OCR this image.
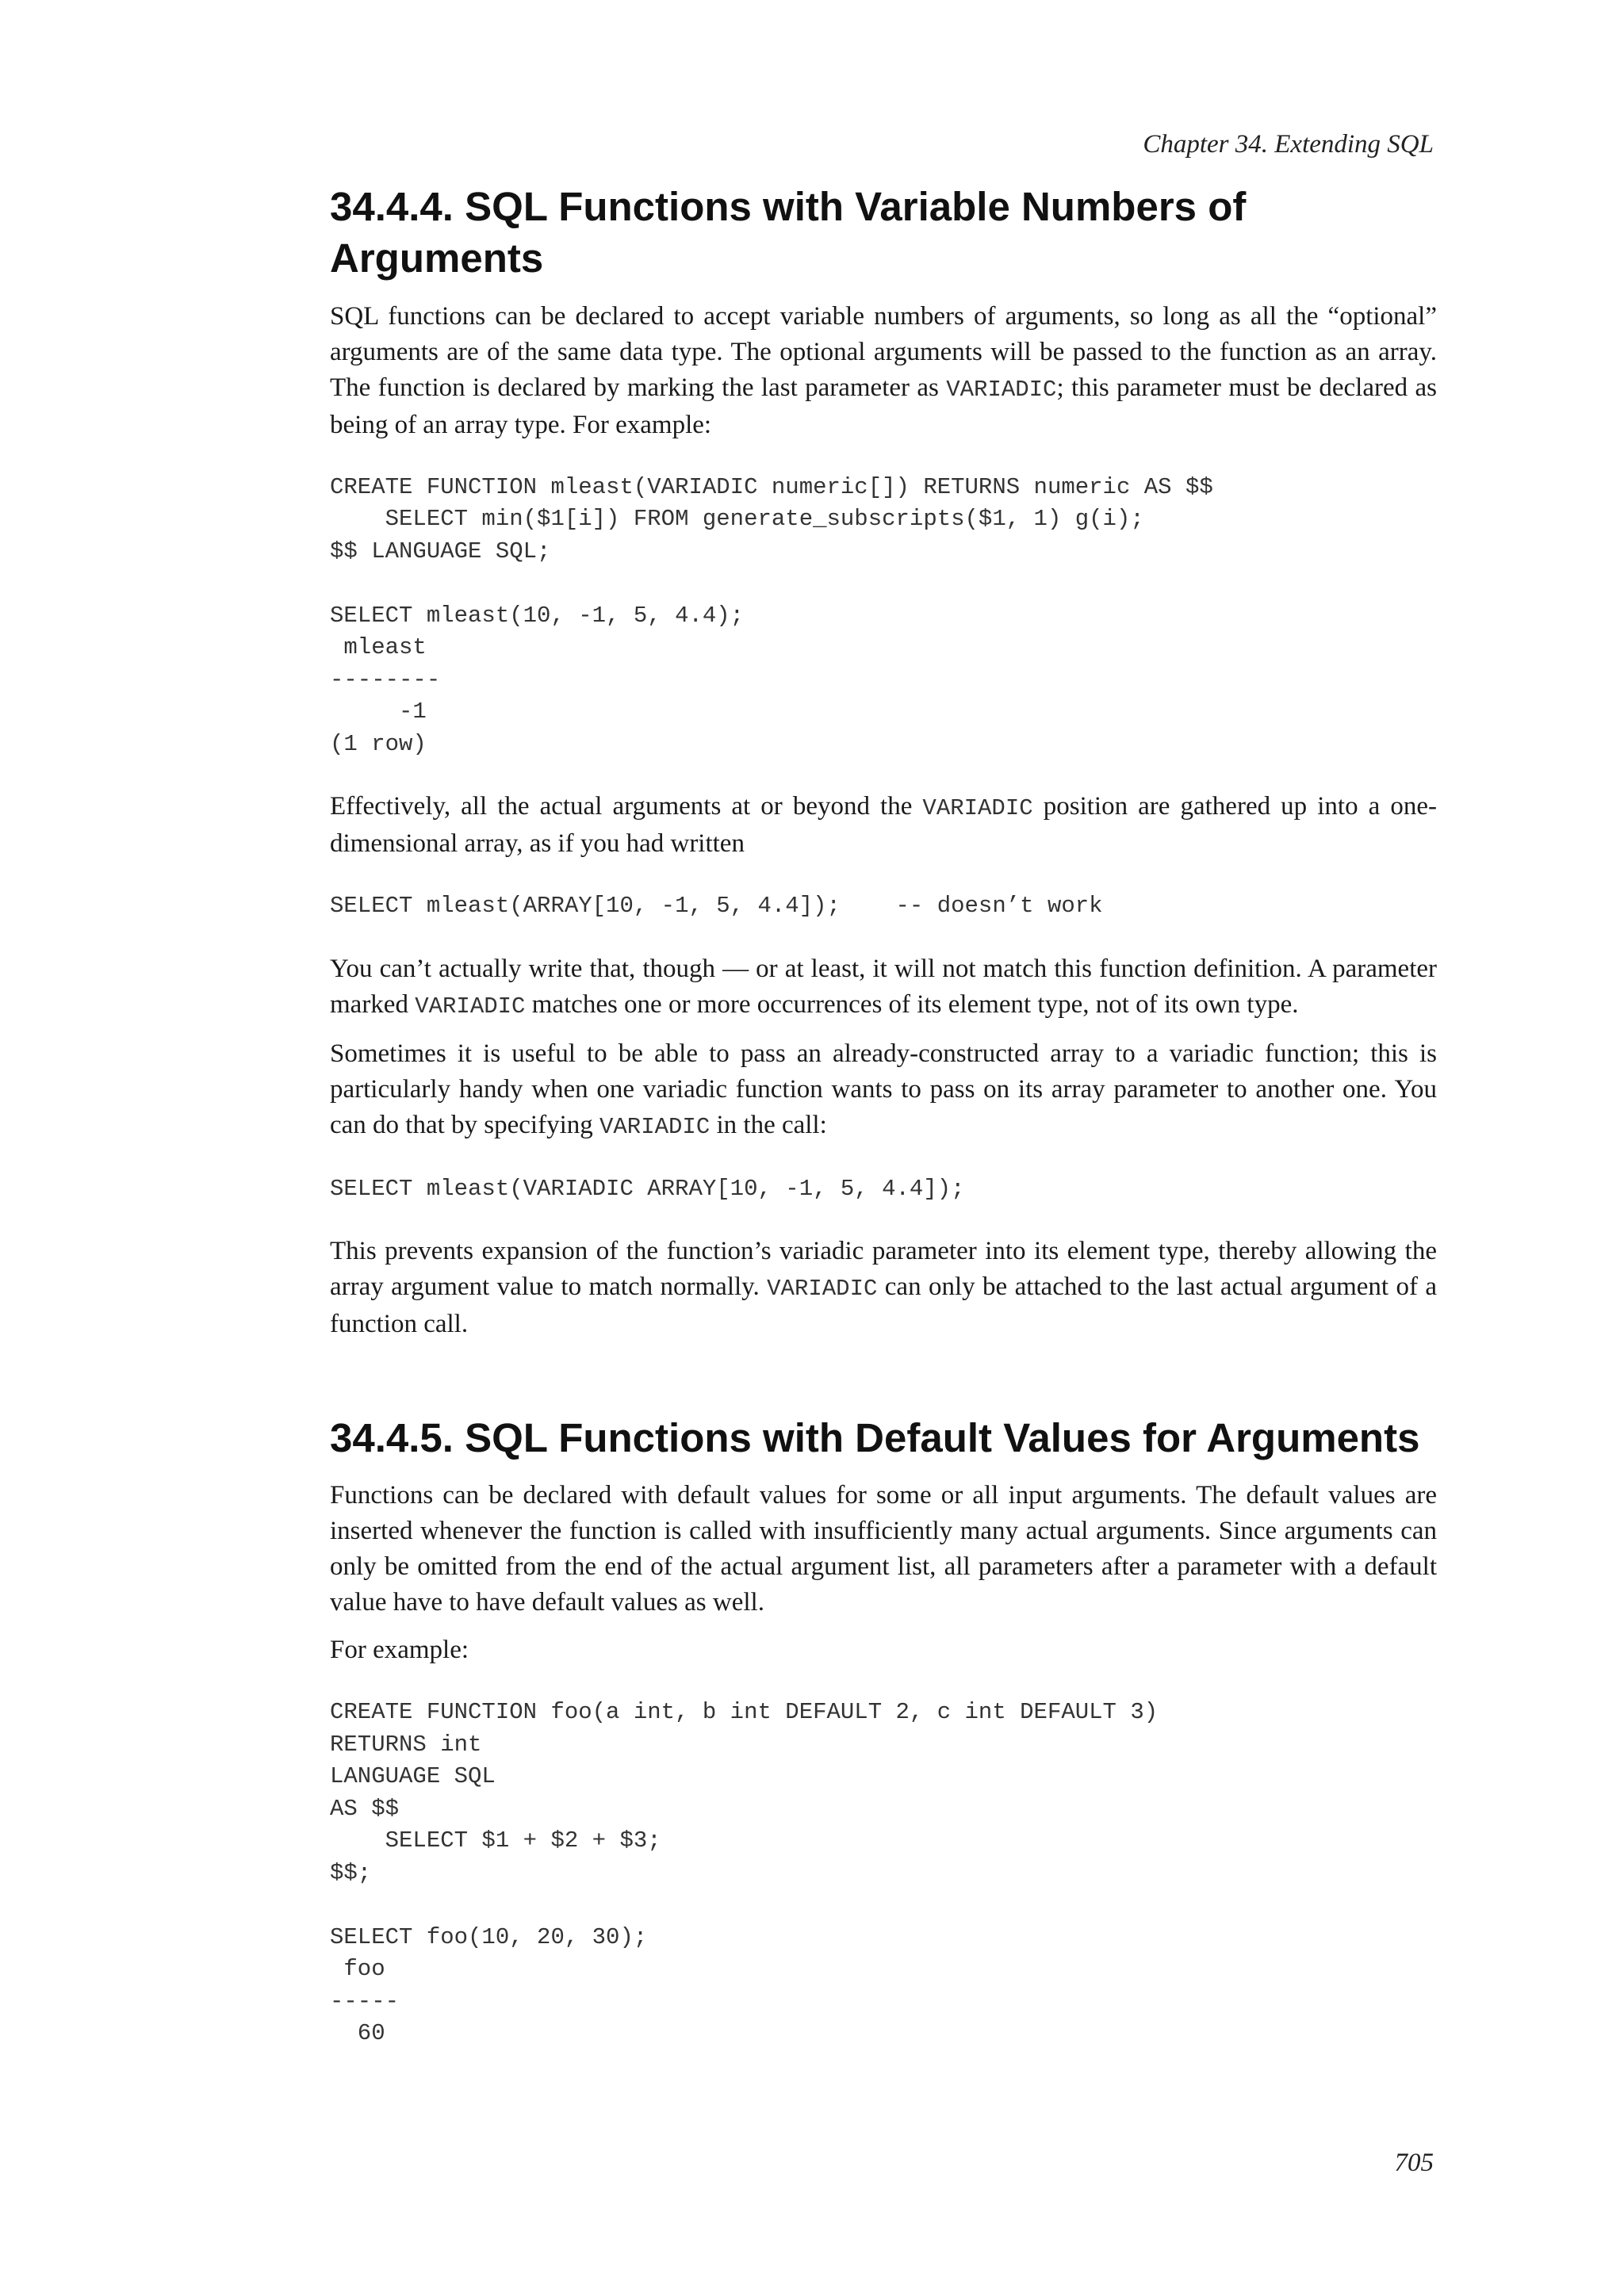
Chapter 34. Extending SQL
34.4.4. SQL Functions with Variable Numbers of Arguments

SQL functions can be declared to accept variable numbers of arguments, so long as all the “optional” arguments are of the same data type. The optional arguments will be passed to the function as an array. The function is declared by marking the last parameter as VARIADIC; this parameter must be declared as being of an array type. For example:

CREATE FUNCTION mleast(VARIADIC numeric[]) RETURNS numeric AS $$
SELECT min($1[i]) FROM generate_subscripts($1, 1) g(i);
$$ LANGUAGE SQL;

SELECT mleast(10, -1, 5, 4.4);
mleast
--------
-1
(1 row)

Effectively, all the actual arguments at or beyond the VARIADIC position are gathered up into a one-dimensional array, as if you had written

SELECT mleast(ARRAY[10, -1, 5, 4.4]);    -- doesn’t work

You can’t actually write that, though — or at least, it will not match this function definition. A parameter marked VARIADIC matches one or more occurrences of its element type, not of its own type.

Sometimes it is useful to be able to pass an already-constructed array to a variadic function; this is particularly handy when one variadic function wants to pass on its array parameter to another one. You can do that by specifying VARIADIC in the call:

SELECT mleast(VARIADIC ARRAY[10, -1, 5, 4.4]);

This prevents expansion of the function’s variadic parameter into its element type, thereby allowing the array argument value to match normally. VARIADIC can only be attached to the last actual argument of a function call.

34.4.5. SQL Functions with Default Values for Arguments

Functions can be declared with default values for some or all input arguments. The default values are inserted whenever the function is called with insufficiently many actual arguments. Since arguments can only be omitted from the end of the actual argument list, all parameters after a parameter with a default value have to have default values as well.

For example:

CREATE FUNCTION foo(a int, b int DEFAULT 2, c int DEFAULT 3)
RETURNS int
LANGUAGE SQL
AS $$
SELECT $1 + $2 + $3;
$$;

SELECT foo(10, 20, 30);
foo
-----
60
705
